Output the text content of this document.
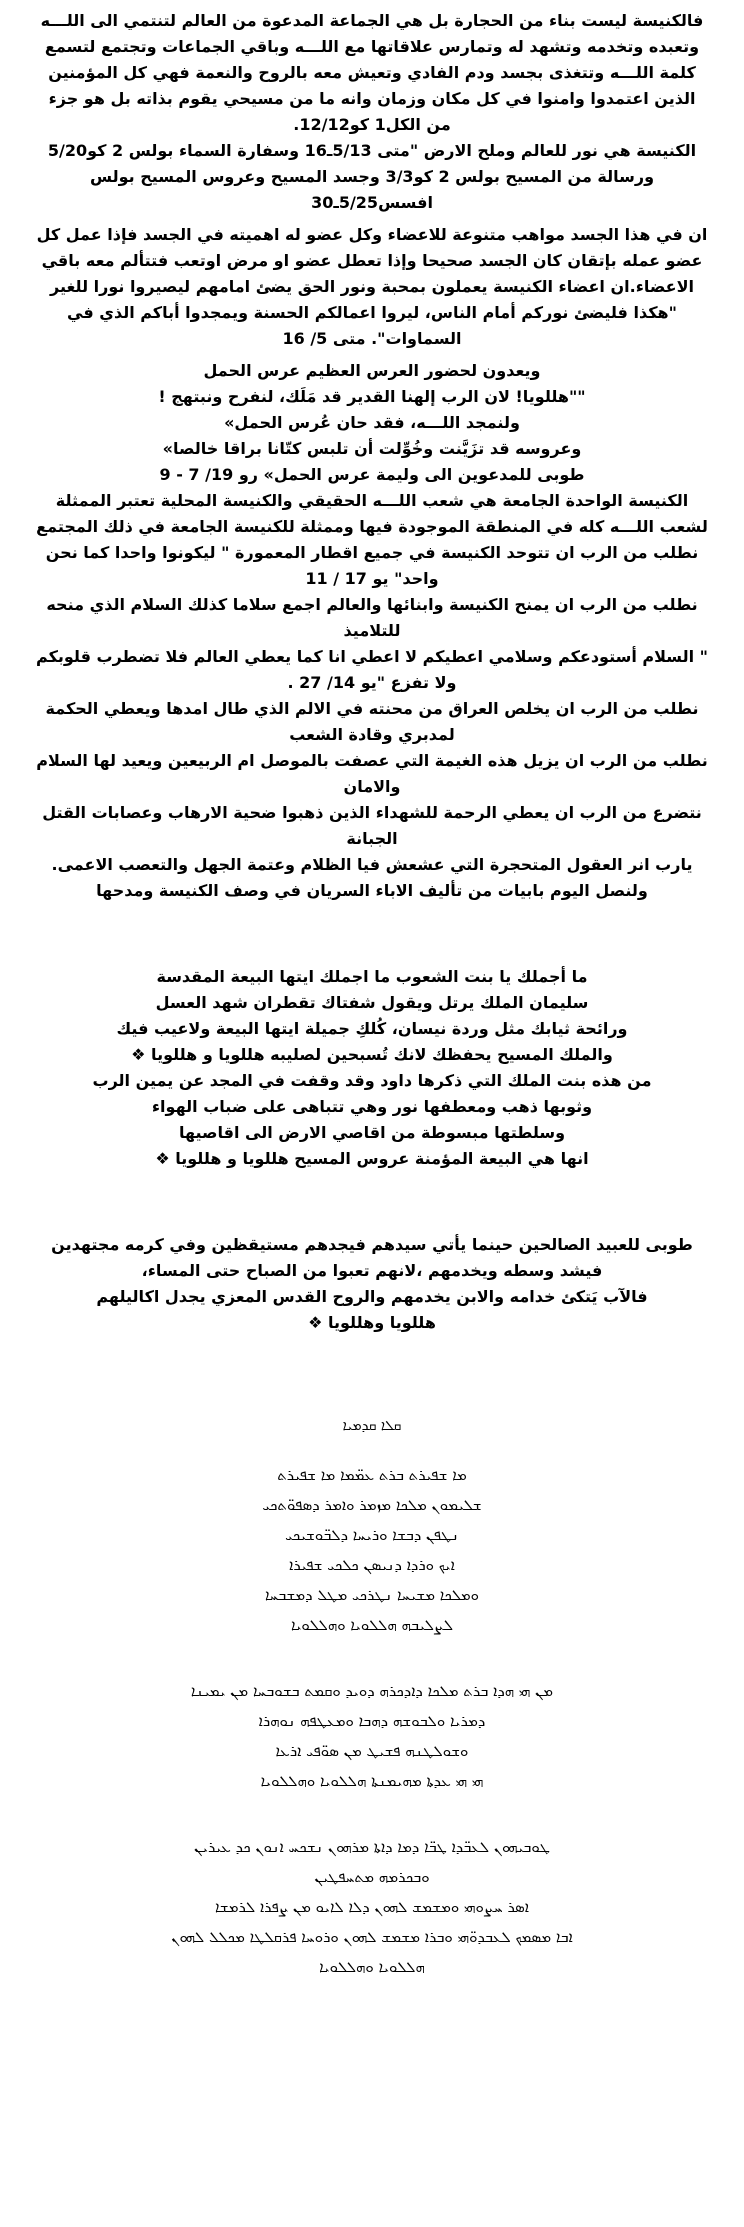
فالكنيسة ليست بناء من الحجارة بل هي الجماعة المدعوة من العالم لتنتمي الى اللـــه وتعبده وتخدمه وتشهد له وتمارس علاقاتها مع اللـــه وباقي الجماعات وتجتمع لتسمع كلمة اللـــه وتتغذى بجسد ودم الفادي وتعيش معه بالروح والنعمة فهي كل المؤمنين الذين اعتمدوا وامنوا في كل مكان وزمان وانه ما من مسيحي يقوم بذاته بل هو جزء من الكل1 كو12/12.

الكنيسة هي نور للعالم وملح الارض "متى 5/13ـ16 وسفارة السماء بولس 2 كو5/20 ورسالة من المسيح بولس 2 كو3/3 وجسد المسيح وعروس المسيح بولس افسس5/25ـ30

ان في هذا الجسد مواهب متنوعة للاعضاء وكل عضو له اهميته في الجسد فإذا عمل كل عضو عمله بإتقان كان الجسد صحيحا وإذا تعطل عضو او مرض اوتعب فتتألم معه باقي الاعضاء.ان اعضاء الكنيسة يعملون بمحبة ونور الحق يضئ امامهم ليصيروا نورا للغير

"هكذا فليضئ نوركم أمام الناس، ليروا اعمالكم الحسنة ويمجدوا أباكم الذي في السماوات". متى 5/ 16

ويعدون لحضور العرس العظيم عرس الحمل

""هللويا! لان الرب إلهنا القدير قد مَلَك، لنفرح ونبتهج !

ولنمجد اللـــه، فقد حان عُرس الحمل»

وعروسه قد تزَيَّنت وخُوِّلت أن تلبس كتّانا براقا خالصا»

طوبى للمدعوين الى وليمة عرس الحمل» رو 19/ 7 - 9

الكنيسة الواحدة الجامعة هي شعب اللـــه الحقيقي والكنيسة المحلية تعتبر الممثلة لشعب اللـــه كله في المنطقة الموجودة فيها وممثلة للكنيسة الجامعة في ذلك المجتمع

نطلب من الرب ان تتوحد الكنيسة في جميع اقطار المعمورة " ليكونوا واحدا كما نحن واحد" يو 17 / 11

نطلب من الرب ان يمنح الكنيسة وابنائها والعالم اجمع سلاما كذلك السلام الذي منحه للتلاميذ

" السلام أستودعكم وسلامي اعطيكم لا اعطي انا كما يعطي العالم فلا تضطرب قلوبكم ولا تفزع "يو 14/ 27 .

نطلب من الرب ان يخلص العراق من محنته في الالم الذي طال امدها ويعطي الحكمة لمدبري وقادة الشعب

نطلب من الرب ان يزيل هذه الغيمة التي عصفت بالموصل ام الربيعين ويعيد لها السلام والامان

نتضرع من الرب ان يعطي الرحمة للشهداء الذين ذهبوا ضحية الارهاب وعصابات القتل الجبانة

يارب انر العقول المتحجرة التي عشعش فيا الظلام وعتمة الجهل والتعصب الاعمى.

ولنصل اليوم بابيات من تأليف الاباء السريان في وصف الكنيسة ومدحها

ما أجملك يا بنت الشعوب ما اجملك ايتها البيعة المقدسة

سليمان الملك يرتل ويقول شفتاك تقطران شهد العسل

ورائحة ثيابك مثل وردة نيسان، كُلكِ جميلة ايتها البيعة ولاعيب فيك

والملك المسيح يحفظك لانك تُسبحين لصليبه هللويا و هللويا ❖

من هذه بنت الملك التي ذكرها داود وقد وقفت في المجد عن يمين الرب

وثوبها ذهب ومعطفها نور وهي تتباهى على ضباب الهواء

وسلطتها مبسوطة من اقاصي الارض الى اقاصيها

انها هي البيعة المؤمنة عروس المسيح هللويا و هللويا ❖

طوبى للعبيد الصالحين حينما يأتي سيدهم فيجدهم مستيقظين وفي كرمه مجتهدين

فيشد وسطه ويخدمهم ،لانهم تعبوا من الصباح حتى المساء،

فالآب يَتكئ خدامه والابن يخدمهم والروح القدس المعزي يجدل اكاليلهم

هللويا وهللويا ❖

ܩܠܐ ܩܕܡܝܐ

ܡܐ ܫܦܝܪܬ ܒܪܬ ܥܡ̈ܡܐ ܡܐ ܫܦܝܪܬ

ܫܠܝܡܘܢ ܡܠܟܐ ܡܙܡܪ ܘܐܡܪ ܕܣܦܘ̈ܬܟܝ

ܢܛܦܢ ܕܒܫܐ ܘܪܝܚܐ ܕܠܒ̈ܘܫܝܟܝ

ܐܝܟ ܘܪܕܐ ܕܢܝܣܢ ܟܠܟܝ ܫܦܝܪܐ

ܘܡܠܟܐ ܡܫܝܚܐ ܢܛܪܟܝ ܡܛܠ ܕܡܫܒܚܐ

ܠܨܠܝܒܗ ܗܠܠܘܝܐ ܘܗܠܠܘܝܐ

ܡܢ ܗܝ ܗܕܐ ܒܪܬ ܡܠܟܐ ܕܐܕܟܪܗ ܕܘܝܕ ܘܩܡܬ ܒܫܘܒܚܐ ܡܢ ܝܡܝܢܐ

ܕܡܪܝܐ ܘܠܒܘܫܗ ܕܗܒܐ ܘܡܥܛܦܗ ܢܘܗܪܐ

ܘܫܘܠܛܢܗ ܦܫܝܛ ܡܢ ܣܘ̈ܦܝ ܐܪܥܐ

ܗܝ ܗܝ ܥܕܬܐ ܡܗܝܡܢܬܐ ܗܠܠܘܝܐ ܘܗܠܠܘܝܐ

ܛܘܒܝܗܘܢ ܠܥܒ̈ܕܐ ܛܒ̈ܐ ܕܡܐ ܕܐܬܐ ܡܪܗܘܢ ܢܫܟܚ ܐܢܘܢ ܟܕ ܥܝܪܝܢ

ܘܒܟܪܡܗ ܡܬܚܦܛܝܢ

ܐܣܪ ܚܨܘܗܝ ܘܡܫܡܫ ܠܗܘܢ ܕܠܐ ܠܐܝܘ ܡܢ ܨܦܪܐ ܠܪܡܫܐ

ܐܒܐ ܡܣܡܟ ܠܥܒܕܘ̈ܗܝ ܘܒܪܐ ܡܫܡܫ ܠܗܘܢ ܘܪܘܚܐ ܦܪܩܠܛܐ ܡܟܠܠ ܠܗܘܢ

ܗܠܠܘܝܐ ܘܗܠܠܘܝܐ
